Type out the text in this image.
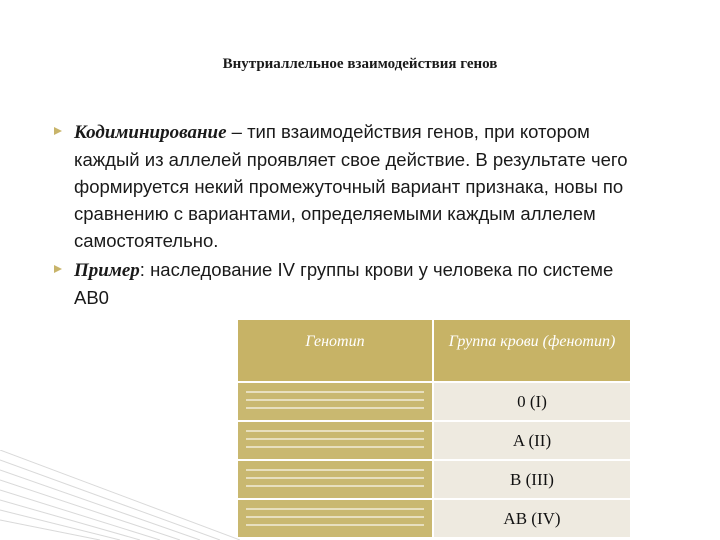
Внутриаллельное взаимодействия генов
Кодиминирование – тип взаимодействия генов, при котором каждый из аллелей проявляет свое действие. В результате чего формируется некий промежуточный вариант признака, новы по сравнению с вариантами, определяемыми каждым аллелем самостоятельно.
Пример: наследование IV группы крови у человека по системе АВ0
Генотип	Группа крови (фенотип)

	0 (I)

	A (II)

	B (III)

	AB (IV)
